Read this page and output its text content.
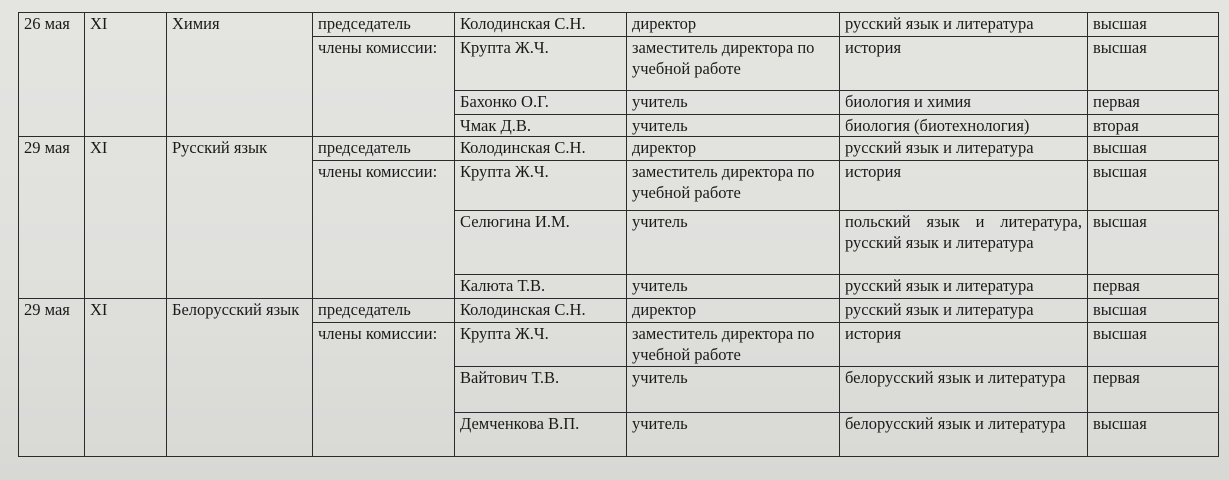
26 мая	XI	Химия	председатель	Колодинская С.Н.	директор	русский язык и литература	высшая
			члены комиссии:	Крупта Ж.Ч.	заместитель директора по учебной работе	история	высшая
				Бахонко О.Г.	учитель	биология и химия	первая
				Чмак Д.В.	учитель	биология (биотехнология)	вторая
29 мая	XI	Русский язык	председатель	Колодинская С.Н.	директор	русский язык и литература	высшая
			члены комиссии:	Крупта Ж.Ч.	заместитель директора по учебной работе	история	высшая
				Селюгина И.М.	учитель	польский язык и литература, русский язык и литература	высшая
				Калюта Т.В.	учитель	русский язык и литература	первая
29 мая	XI	Белорусский язык	председатель	Колодинская С.Н.	директор	русский язык и литература	высшая
			члены комиссии:	Крупта Ж.Ч.	заместитель директора по учебной работе	история	высшая
				Вайтович Т.В.	учитель	белорусский язык и литература	первая
				Демченкова В.П.	учитель	белорусский язык и литература	высшая
